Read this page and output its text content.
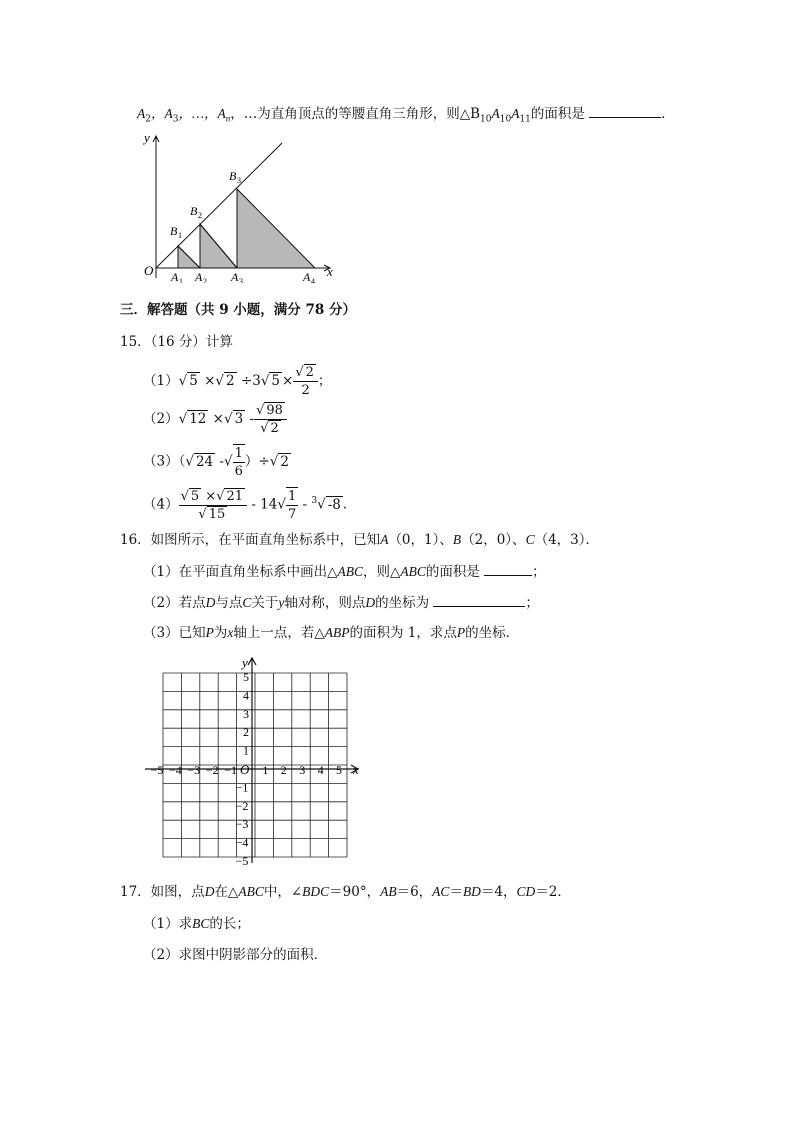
$A_2$，$A_3$，…，$A_n$，…为直角顶点的等腰直角三角形，则$\triangle B_{10}A_{10}A_{11}$的面积是	．
y
x
O
B 1
B 2
B 3
A 1 A 2 A 3	A 4
三．解答题（共 9 小题，满分 78 分）
15．（16 分）计算
（1）√ 5 ×√ 2 ÷3√ $5 \times \frac{√ 2}{2}$ ；
（2）√ 12 ×√ $3 - \frac{√ 98}{√ 2}$
（3）（√ 24 -√ $\frac{1}{6}$ ）÷√ 2
$(4) \frac{√ 5 \times√ 21}{√ 15} - 14√ \frac{1}{7} - ^3√$ -8 ．
16．如图所示，在平面直角坐标系中，已知A（0，1）、B（2，0）、C（4，3）．
（1）在平面直角坐标系中画出△ABC，则△ABC的面积是	；
（2）若点D与点C关于y轴对称，则点D的坐标为	；
（3）已知P为x轴上一点，若△ABP的面积为 1，求点P的坐标．
y
x
O 1 2 3 4 5
−5 −4 −3 −2 −1
1
2
3
4
5
−1
−2
−3
−4
−5
17．如图，点D在△ABC中，∠BDC＝90°，AB＝6，AC＝BD＝4，CD＝2．
（1）求BC的长；
（2）求图中阴影部分的面积．
